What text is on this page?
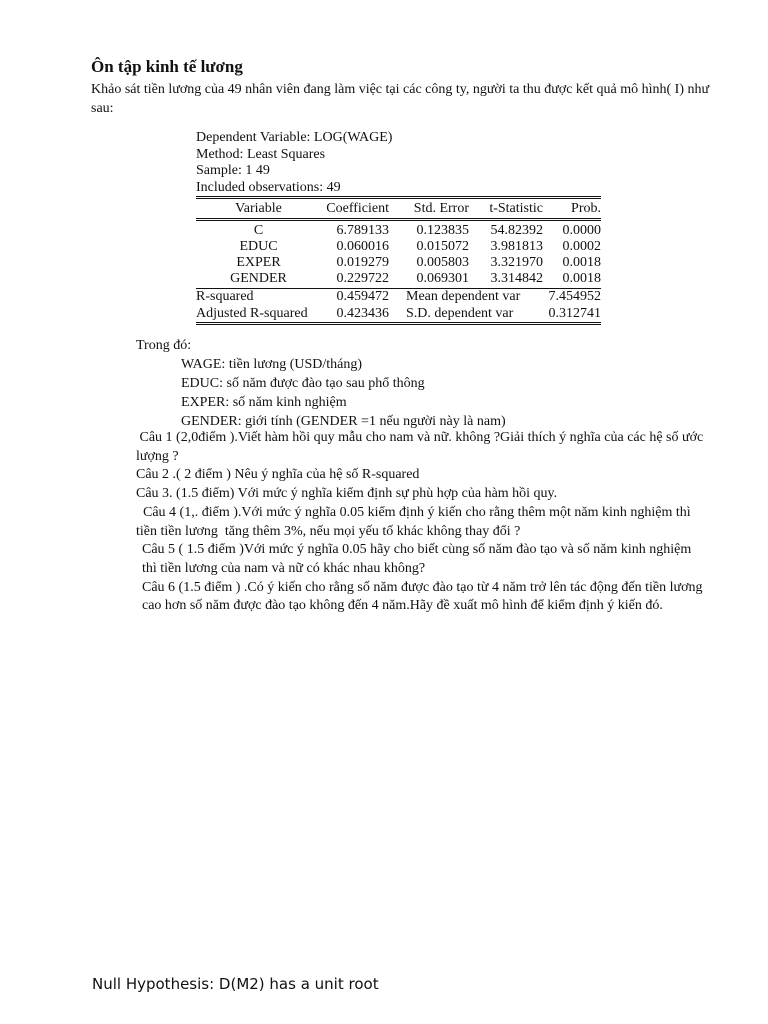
Ôn tập kinh tế lương
Khảo sát tiền lương của 49 nhân viên đang làm việc tại các công ty, người ta thu được kết quả mô hình( I) như sau:
Dependent Variable: LOG(WAGE)
Method: Least Squares
Sample: 1 49
Included observations: 49
Variable	Coefficient	Std. Error	t-Statistic	Prob.
C	6.789133	0.123835	54.82392	0.0000
EDUC	0.060016	0.015072	3.981813	0.0002
EXPER	0.019279	0.005803	3.321970	0.0018
GENDER	0.229722	0.069301	3.314842	0.0018
R-squared	0.459472	Mean dependent var		7.454952
Adjusted R-squared	0.423436	S.D. dependent var		0.312741
Trong đó:
WAGE: tiền lương (USD/tháng)
EDUC: số năm được đào tạo sau phổ thông
EXPER: số năm kinh nghiệm
GENDER: giới tính (GENDER =1 nếu người này là nam)

Câu 1 (2,0điểm ).Viết hàm hồi quy mẫu cho nam và nữ. không ?Giải thích ý nghĩa của các hệ số ước lượng ?

Câu 2 .( 2 điểm ) Nêu ý nghĩa của hệ số R-squared

Câu 3. (1.5 điểm) Với mức ý nghĩa kiểm định sự phù hợp của hàm hồi quy.

Câu 4 (1,. điểm ).Với mức ý nghĩa 0.05 kiểm định ý kiến cho rằng thêm một năm kinh nghiệm thì tiền tiền lương  tăng thêm 3%, nếu mọi yếu tố khác không thay đổi ?

Câu 5 ( 1.5 điểm )Với mức ý nghĩa 0.05 hãy cho biết cùng số năm đào tạo và số năm kinh nghiệm thì tiền lương của nam và nữ có khác nhau không?

Câu 6 (1.5 điểm ) .Có ý kiến cho rằng số năm được đào tạo từ 4 năm trở lên tác động đến tiền lương cao hơn số năm được đào tạo không đến 4 năm.Hãy đề xuất mô hình để kiểm định ý kiến đó.

Null Hypothesis: D(M2) has a unit root
